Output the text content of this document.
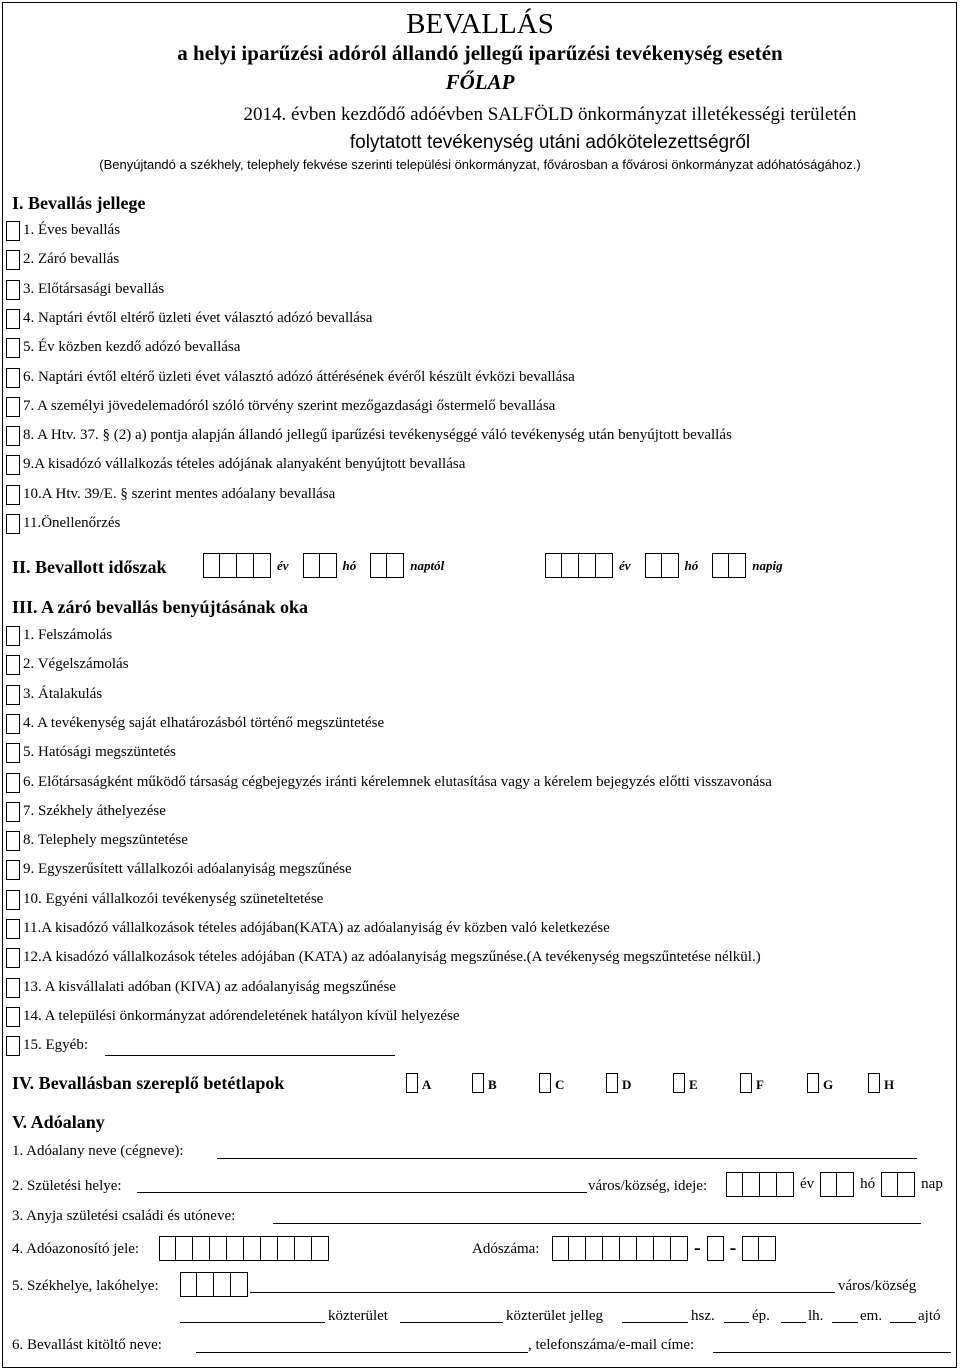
BEVALLÁS
a helyi iparűzési adóról állandó jellegű iparűzési tevékenység esetén
FŐLAP
2014. évben kezdődő adóévben SALFÖLD önkormányzat illetékességi területén
folytatott tevékenység utáni adókötelezettségről
(Benyújtandó a székhely, telephely fekvése szerinti települési önkormányzat, fővárosban a fővárosi önkormányzat adóhatóságához.)
I. Bevallás jellege
1. Éves bevallás
2. Záró bevallás
3. Előtársasági bevallás
4. Naptári évtől eltérő üzleti évet választó adózó bevallása
5. Év közben kezdő adózó bevallása
6. Naptári évtől eltérő üzleti évet választó adózó áttérésének évéről készült évközi bevallása
7. A személyi jövedelemadóról szóló törvény szerint mezőgazdasági őstermelő bevallása
8. A Htv. 37. § (2) a) pontja alapján állandó jellegű iparűzési tevékenységgé váló tevékenység után benyújtott bevallás
9.A kisadózó vállalkozás tételes adójának alanyaként benyújtott bevallása
10.A Htv. 39/E. § szerint mentes adóalany bevallása
11.Önellenőrzés
II. Bevallott időszak	év	hó	naptól	év	hó	napig
III. A záró bevallás benyújtásának oka
1. Felszámolás
2. Végelszámolás
3. Átalakulás
4. A tevékenység saját elhatározásból történő megszüntetése
5. Hatósági megszüntetés
6. Előtársaságként működő társaság cégbejegyzés iránti kérelemnek elutasítása vagy a kérelem bejegyzés előtti visszavonása
7. Székhely áthelyezése
8. Telephely megszüntetése
9. Egyszerűsített vállalkozói adóalanyiság megszűnése
10. Egyéni vállalkozói tevékenység szüneteltetése
11.A kisadózó vállalkozások tételes adójában(KATA) az adóalanyiság év közben való keletkezése
12.A kisadózó vállalkozások tételes adójában (KATA) az adóalanyiság megszűnése.(A tevékenység megszűntetése nélkül.)
13. A kisvállalati adóban (KIVA) az adóalanyiság megszűnése
14. A települési önkormányzat adórendeletének hatályon kívül helyezése
15. Egyéb:
IV. Bevallásban szereplő betétlapok	A	B	C	D	E	F	G	H
V. Adóalany
1. Adóalany neve (cégneve):
2. Születési helye:	város/község, ideje:	év	hó	nap
3. Anyja születési családi és utóneve:
4. Adóazonosító jele:	Adószáma:	- -
5. Székhelye, lakóhelye:	város/község
közterület	közterület jelleg	hsz. ép.	lh. em. ajtó
6. Bevallást kitöltő neve:	, telefonszáma/e-mail címe:
